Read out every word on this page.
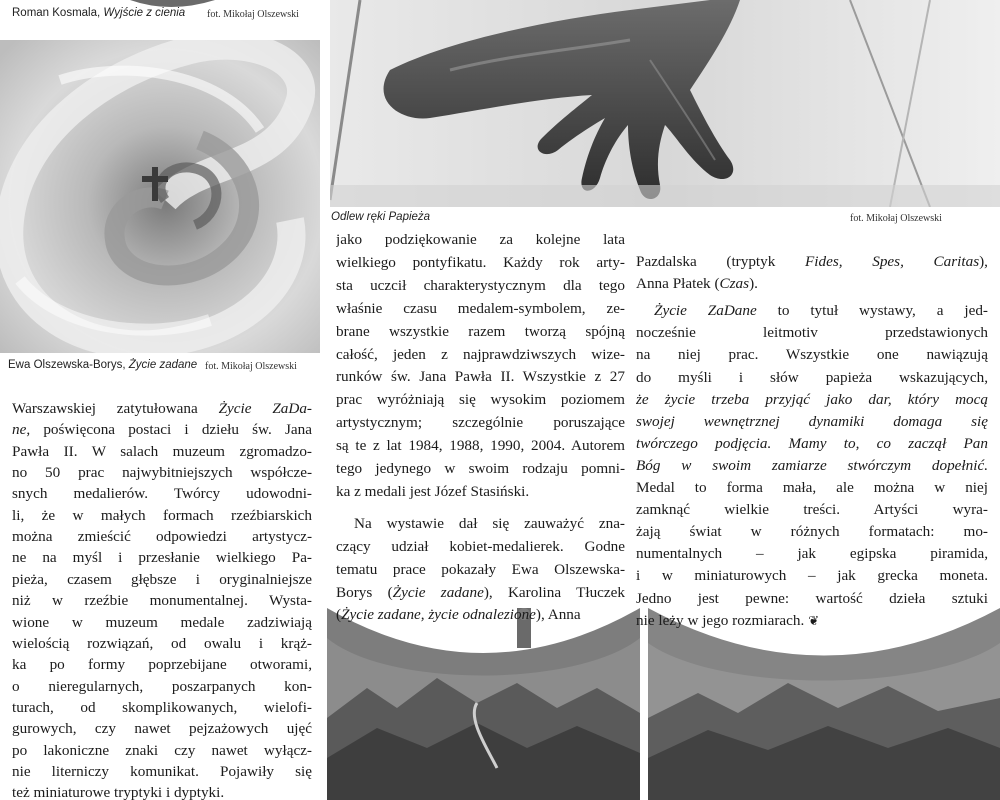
Roman Kosmala, Wyjście z cienia fot. Mikołaj Olszewski
Ewa Olszewska-Borys, Życie zadane fot. Mikołaj Olszewski
Odlew ręki Papieża	fot. Mikołaj Olszewski
Warszawskiej zatytułowana Życie ZaDa-
ne, poświęcona postaci i dziełu św. Jana
Pawła II. W salach muzeum zgromadzo-
no 50 prac najwybitniejszych współcze-
snych medalierów. Twórcy udowodni-
li, że w małych formach rzeźbiarskich
można zmieścić odpowiedzi artystycz-
ne na myśl i przesłanie wielkiego Pa-
pieża, czasem głębsze i oryginalniejsze
niż w rzeźbie monumentalnej. Wysta-
wione w muzeum medale zadziwiają
wielością rozwiązań, od owalu i krąż-
ka po formy poprzebijane otworami,
o nieregularnych, poszarpanych kon-
turach, od skomplikowanych, wielofi-
gurowych, czy nawet pejzażowych ujęć
po lakoniczne znaki czy nawet wyłącz-
nie literniczy komunikat. Pojawiły się
też miniaturowe tryptyki i dyptyki.
jako podziękowanie za kolejne lata
wielkiego pontyfikatu. Każdy rok arty-
sta uczcił charakterystycznym dla tego
właśnie czasu medalem-symbolem, ze-
brane wszystkie razem tworzą spójną
całość, jeden z najprawdziwszych wize-
runków św. Jana Pawła II. Wszystkie z 27
prac wyróżniają się wysokim poziomem
artystycznym; szczególnie poruszające
są te z lat 1984, 1988, 1990, 2004. Autorem
tego jedynego w swoim rodzaju pomni-
ka z medali jest Józef Stasiński.
Na wystawie dał się zauważyć zna-
czący udział kobiet-medalierek. Godne
tematu prace pokazały Ewa Olszewska-
Borys (Życie zadane), Karolina Tłuczek
(Życie zadane, życie odnalezione), Anna
Pazdalska (tryptyk Fides, Spes, Caritas),
Anna Płatek (Czas).
Życie ZaDane to tytuł wystawy, a jed-
nocześnie leitmotiv przedstawionych
na niej prac. Wszystkie one nawiązują
do myśli i słów papieża wskazujących,
że życie trzeba przyjąć jako dar, który mocą
swojej wewnętrznej dynamiki domaga się
twórczego podjęcia. Mamy to, co zaczął Pan
Bóg w swoim zamiarze stwórczym dopełnić.
Medal to forma mała, ale można w niej
zamknąć wielkie treści. Artyści wyra-
żają świat w różnych formatach: mo-
numentalnych – jak egipska piramida,
i w miniaturowych – jak grecka moneta.
Jedno jest pewne: wartość dzieła sztuki
nie leży w jego rozmiarach. ❦
